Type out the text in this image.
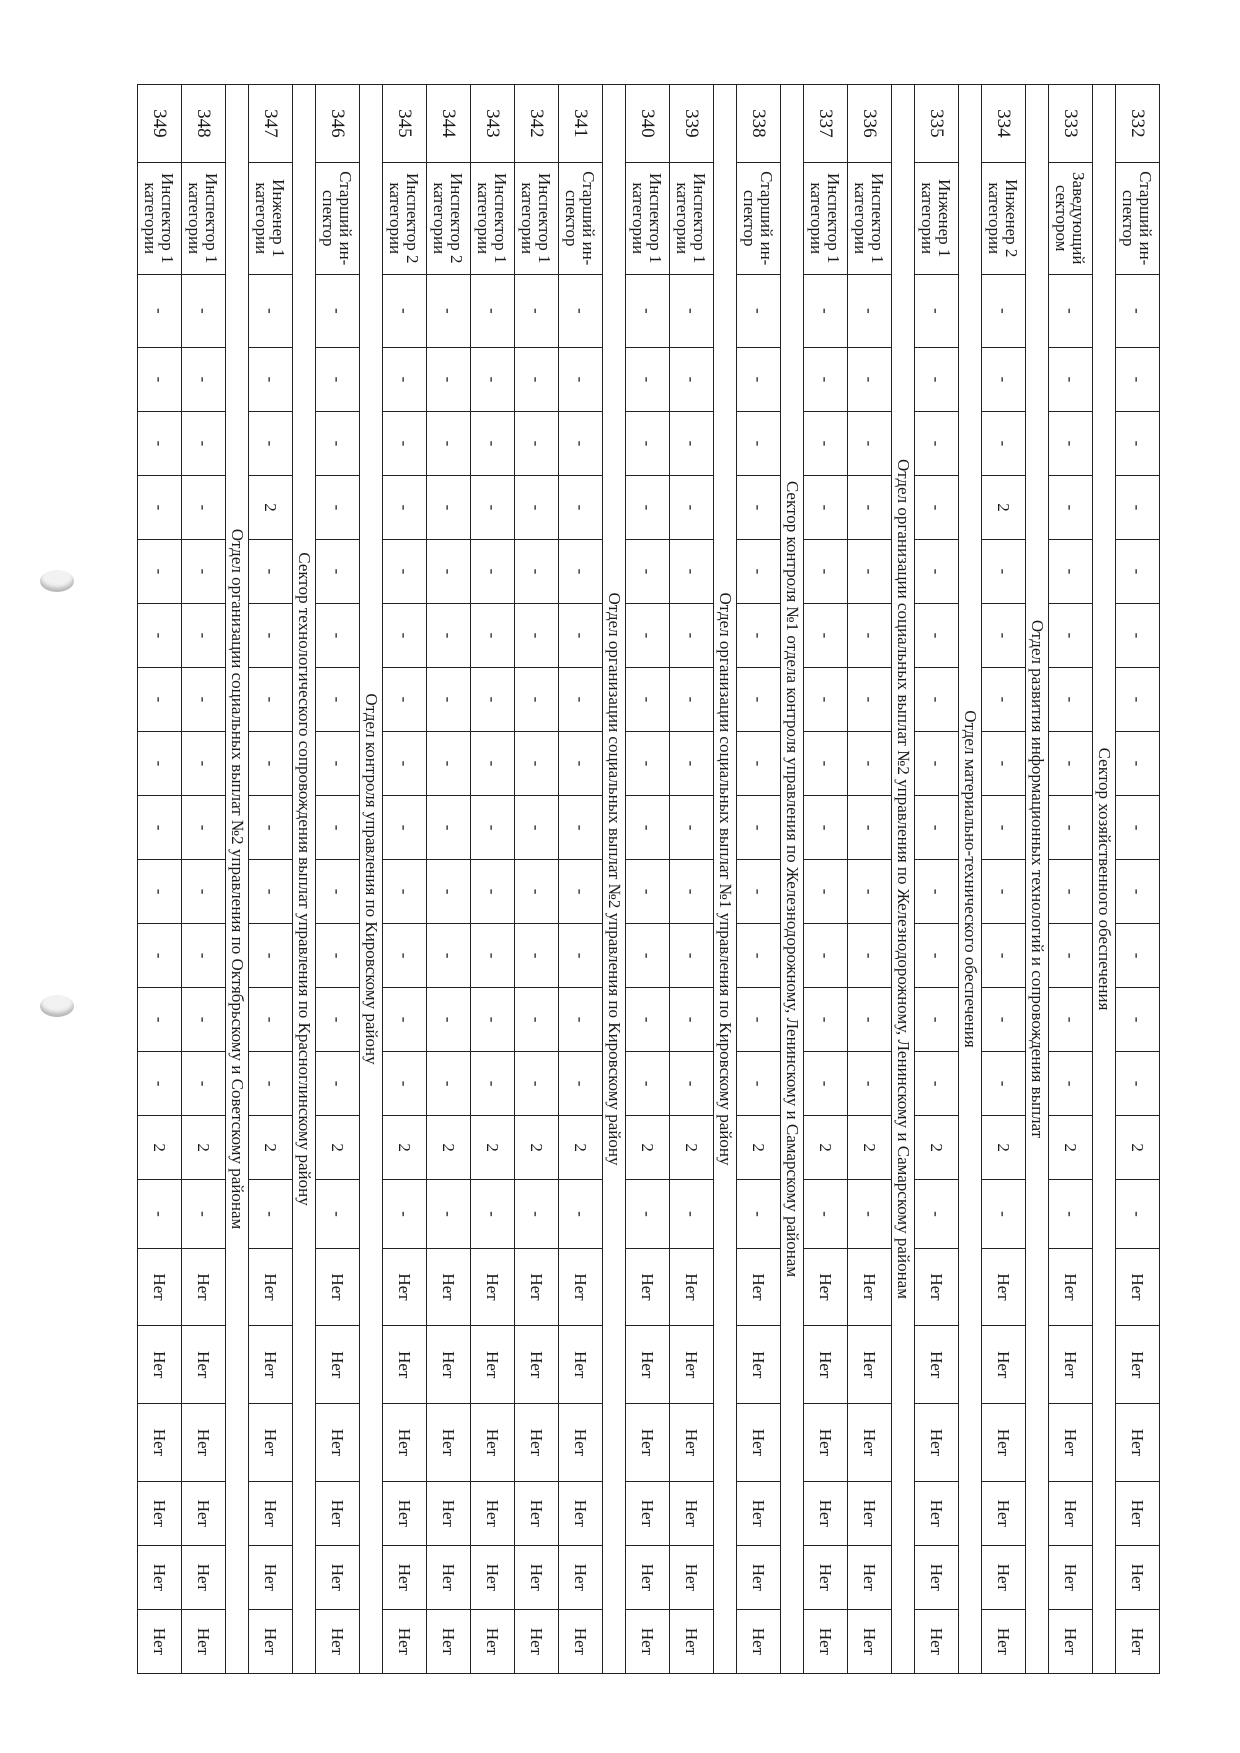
332	Старший ин-
спектор	-	-	-	-	-	-	-	-	-	-	-	-	-	2	-	Нет	Нет	Нет	Нет	Нет	Нет
Сектор хозяйственного обеспечения																						
333	Заведующий
сектором	-	-	-	-	-	-	-	-	-	-	-	-	-	2	-	Нет	Нет	Нет	Нет	Нет	Нет
Отдел развития информационных технологий и сопровождения выплат																						
334	Инженер 2
категории	-	-	-	2	-	-	-	-	-	-	-	-	-	2	-	Нет	Нет	Нет	Нет	Нет	Нет
Отдел материально-технического обеспечения																						
335	Инженер 1
категории	-	-	-	-	-	-	-	-	-	-	-	-	-	2	-	Нет	Нет	Нет	Нет	Нет	Нет
Отдел организации социальных выплат №2 управления по Железнодорожному, Ленинскому и Самарскому районам																						
336	Инспектор 1
категории	-	-	-	-	-	-	-	-	-	-	-	-	-	2	-	Нет	Нет	Нет	Нет	Нет	Нет
337	Инспектор 1
категории	-	-	-	-	-	-	-	-	-	-	-	-	-	2	-	Нет	Нет	Нет	Нет	Нет	Нет
Сектор контроля №1 отдела контроля управления по Железнодорожному, Ленинскому и Самарскому районам																						
338	Старший ин-
спектор	-	-	-	-	-	-	-	-	-	-	-	-	-	2	-	Нет	Нет	Нет	Нет	Нет	Нет
Отдел организации социальных выплат №1 управления по Кировскому району																						
339	Инспектор 1
категории	-	-	-	-	-	-	-	-	-	-	-	-	-	2	-	Нет	Нет	Нет	Нет	Нет	Нет
340	Инспектор 1
категории	-	-	-	-	-	-	-	-	-	-	-	-	-	2	-	Нет	Нет	Нет	Нет	Нет	Нет
Отдел организации социальных выплат №2 управления по Кировскому району																						
341	Старший ин-
спектор	-	-	-	-	-	-	-	-	-	-	-	-	-	2	-	Нет	Нет	Нет	Нет	Нет	Нет
342	Инспектор 1
категории	-	-	-	-	-	-	-	-	-	-	-	-	-	2	-	Нет	Нет	Нет	Нет	Нет	Нет
343	Инспектор 1
категории	-	-	-	-	-	-	-	-	-	-	-	-	-	2	-	Нет	Нет	Нет	Нет	Нет	Нет
344	Инспектор 2
категории	-	-	-	-	-	-	-	-	-	-	-	-	-	2	-	Нет	Нет	Нет	Нет	Нет	Нет
345	Инспектор 2
категории	-	-	-	-	-	-	-	-	-	-	-	-	-	2	-	Нет	Нет	Нет	Нет	Нет	Нет
Отдел контроля управления по Кировскому району																						
346	Старший ин-
спектор	-	-	-	-	-	-	-	-	-	-	-	-	-	2	-	Нет	Нет	Нет	Нет	Нет	Нет
Сектор технологического сопровождения выплат управления по Красноглинскому району																						
347	Инженер 1
категории	-	-	-	2	-	-	-	-	-	-	-	-	-	2	-	Нет	Нет	Нет	Нет	Нет	Нет
Отдел организации социальных выплат №2 управления по Октябрьскому и Советскому районам																						
348	Инспектор 1
категории	-	-	-	-	-	-	-	-	-	-	-	-	-	2	-	Нет	Нет	Нет	Нет	Нет	Нет
349	Инспектор 1
категории	-	-	-	-	-	-	-	-	-	-	-	-	-	2	-	Нет	Нет	Нет	Нет	Нет	Нет
